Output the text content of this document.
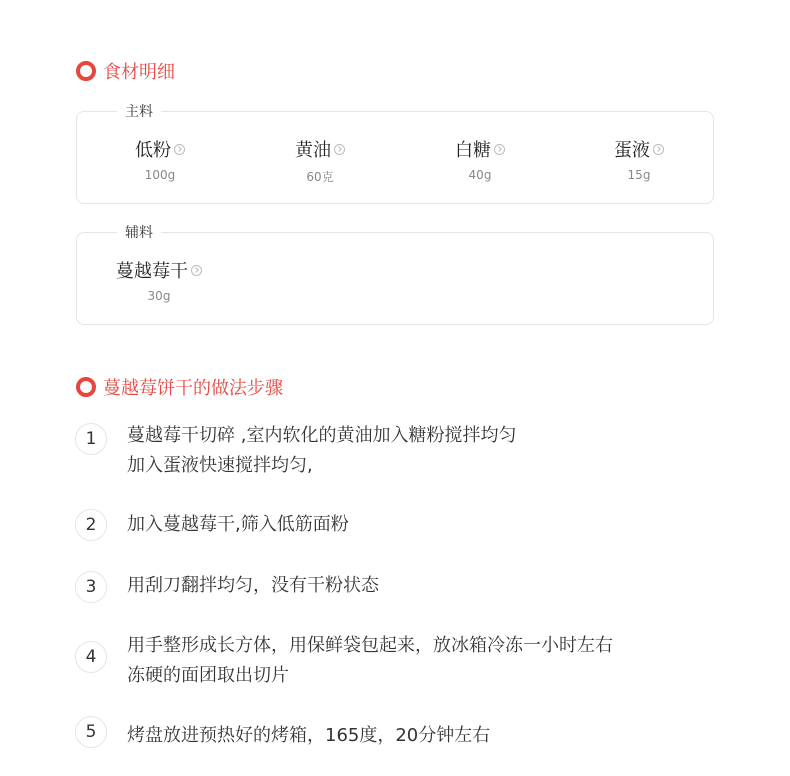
食材明细
主料
低粉
100g
黄油
60克
白糖
40g
蛋液
15g
辅料
蔓越莓干
30g
蔓越莓饼干的做法步骤
1	蔓越莓干切碎 ,室内软化的黄油加入糖粉搅拌均匀
加入蛋液快速搅拌均匀,
2	加入蔓越莓干,筛入低筋面粉
3	用刮刀翻拌均匀，没有干粉状态
4
用手整形成长方体，用保鲜袋包起来，放冰箱冷冻一小时左右
冻硬的面团取出切片
5	烤盘放进预热好的烤箱，165度，20分钟左右
